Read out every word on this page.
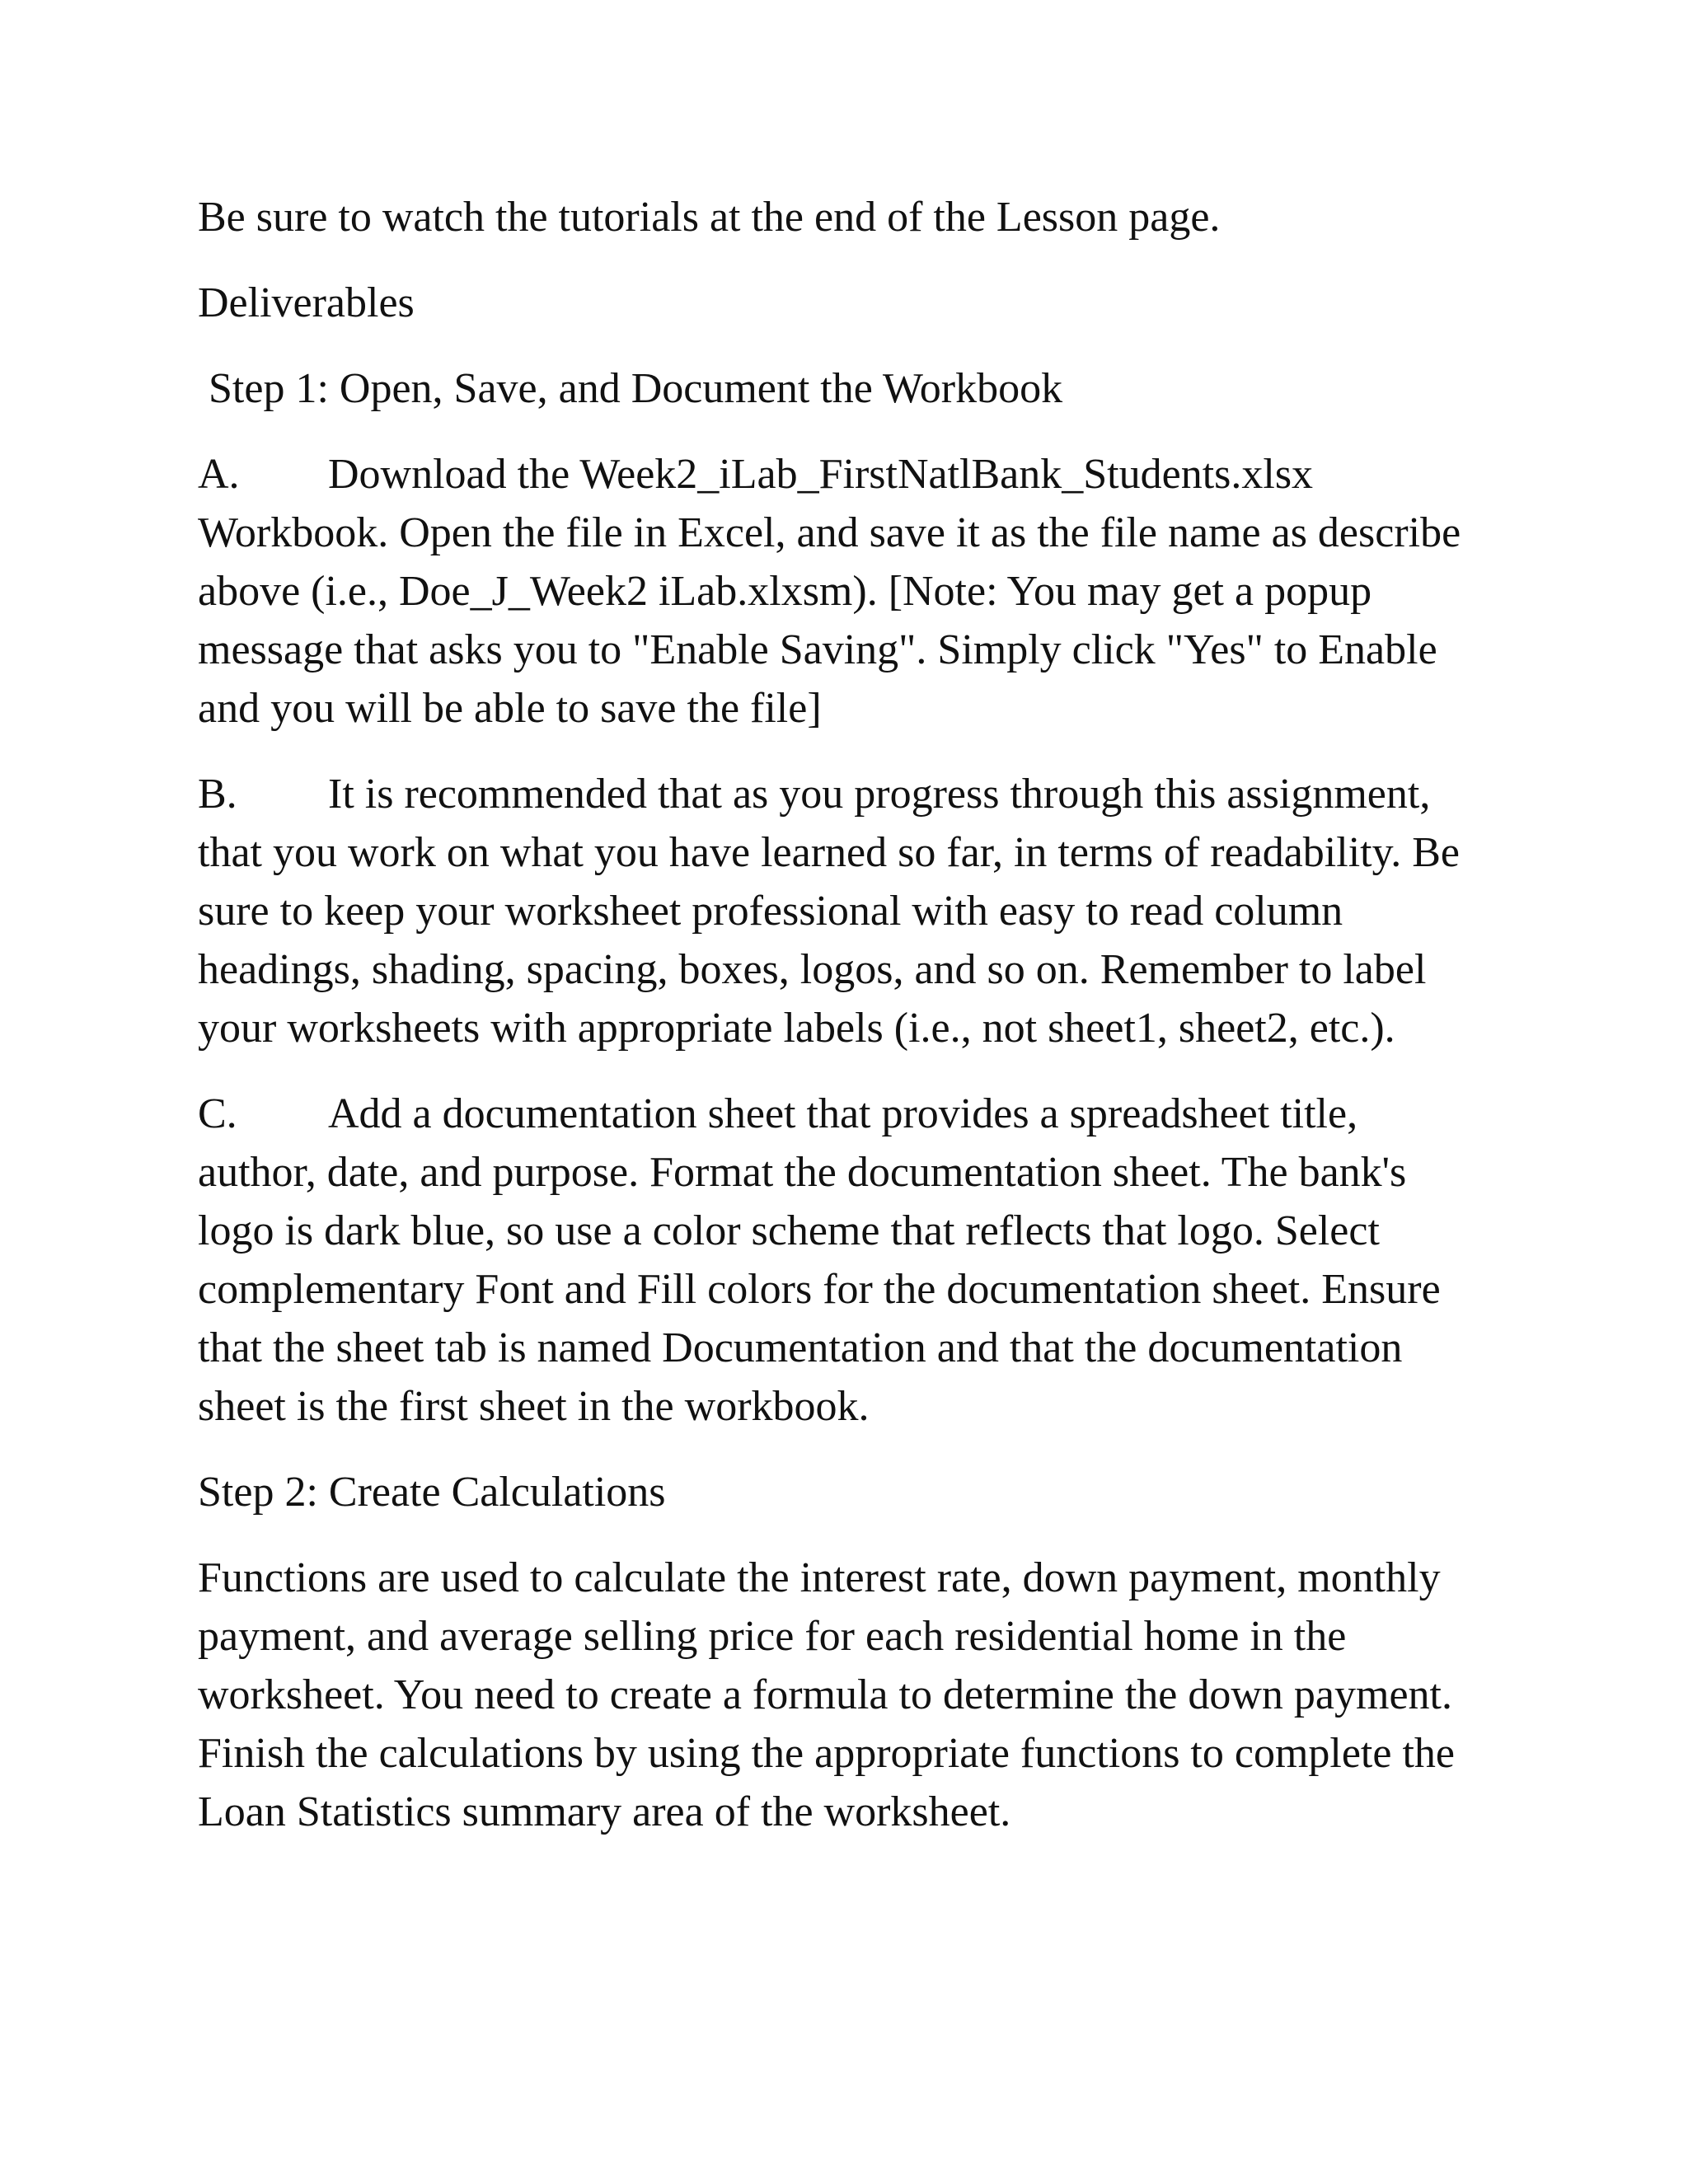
Be sure to watch the tutorials at the end of the Lesson page.

Deliverables

Step 1: Open, Save, and Document the Workbook

A. Download the Week2_iLab_FirstNatlBank_Students.xlsx Workbook. Open the file in Excel, and save it as the file name as describe above (i.e., Doe_J_Week2 iLab.xlxsm). [Note: You may get a popup message that asks you to "Enable Saving". Simply click "Yes" to Enable and you will be able to save the file]

B. It is recommended that as you progress through this assignment, that you work on what you have learned so far, in terms of readability. Be sure to keep your worksheet professional with easy to read column headings, shading, spacing, boxes, logos, and so on. Remember to label your worksheets with appropriate labels (i.e., not sheet1, sheet2, etc.).

C. Add a documentation sheet that provides a spreadsheet title, author, date, and purpose. Format the documentation sheet. The bank's logo is dark blue, so use a color scheme that reflects that logo. Select complementary Font and Fill colors for the documentation sheet. Ensure that the sheet tab is named Documentation and that the documentation sheet is the first sheet in the workbook.

Step 2: Create Calculations

Functions are used to calculate the interest rate, down payment, monthly payment, and average selling price for each residential home in the worksheet. You need to create a formula to determine the down payment. Finish the calculations by using the appropriate functions to complete the Loan Statistics summary area of the worksheet.
